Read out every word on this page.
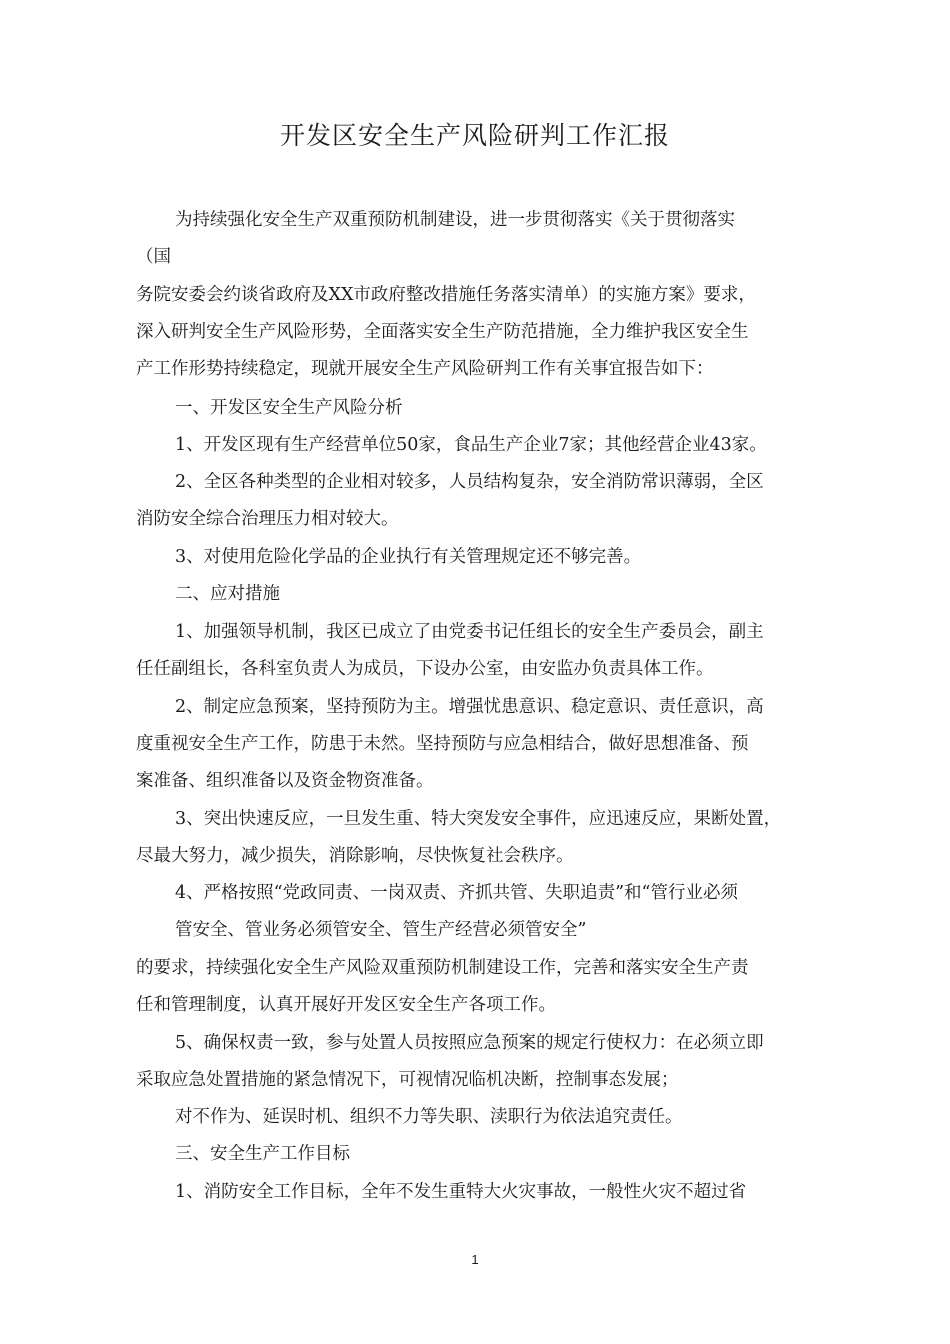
开发区安全生产风险研判工作汇报
为持续强化安全生产双重预防机制建设，进一步贯彻落实《关于贯彻落实
（国
务院安委会约谈省政府及XX市政府整改措施任务落实清单）的实施方案》要求，
深入研判安全生产风险形势，全面落实安全生产防范措施，全力维护我区安全生
产工作形势持续稳定，现就开展安全生产风险研判工作有关事宜报告如下：
一、开发区安全生产风险分析
1、开发区现有生产经营单位50家，食品生产企业7家；其他经营企业43家。
2、全区各种类型的企业相对较多，人员结构复杂，安全消防常识薄弱，全区
消防安全综合治理压力相对较大。
3、对使用危险化学品的企业执行有关管理规定还不够完善。
二、应对措施
1、加强领导机制，我区已成立了由党委书记任组长的安全生产委员会，副主
任任副组长，各科室负责人为成员，下设办公室，由安监办负责具体工作。
2、制定应急预案，坚持预防为主。增强忧患意识、稳定意识、责任意识，高
度重视安全生产工作，防患于未然。坚持预防与应急相结合，做好思想准备、预
案准备、组织准备以及资金物资准备。
3、突出快速反应，一旦发生重、特大突发安全事件，应迅速反应，果断处置，
尽最大努力，减少损失，消除影响，尽快恢复社会秩序。
4、严格按照“党政同责、一岗双责、齐抓共管、失职追责”和“管行业必须
管安全、管业务必须管安全、管生产经营必须管安全”
的要求，持续强化安全生产风险双重预防机制建设工作，完善和落实安全生产责
任和管理制度，认真开展好开发区安全生产各项工作。
5、确保权责一致，参与处置人员按照应急预案的规定行使权力：在必须立即
采取应急处置措施的紧急情况下，可视情况临机决断，控制事态发展；
对不作为、延误时机、组织不力等失职、渎职行为依法追究责任。
三、安全生产工作目标
1、消防安全工作目标，全年不发生重特大火灾事故，一般性火灾不超过省
1
